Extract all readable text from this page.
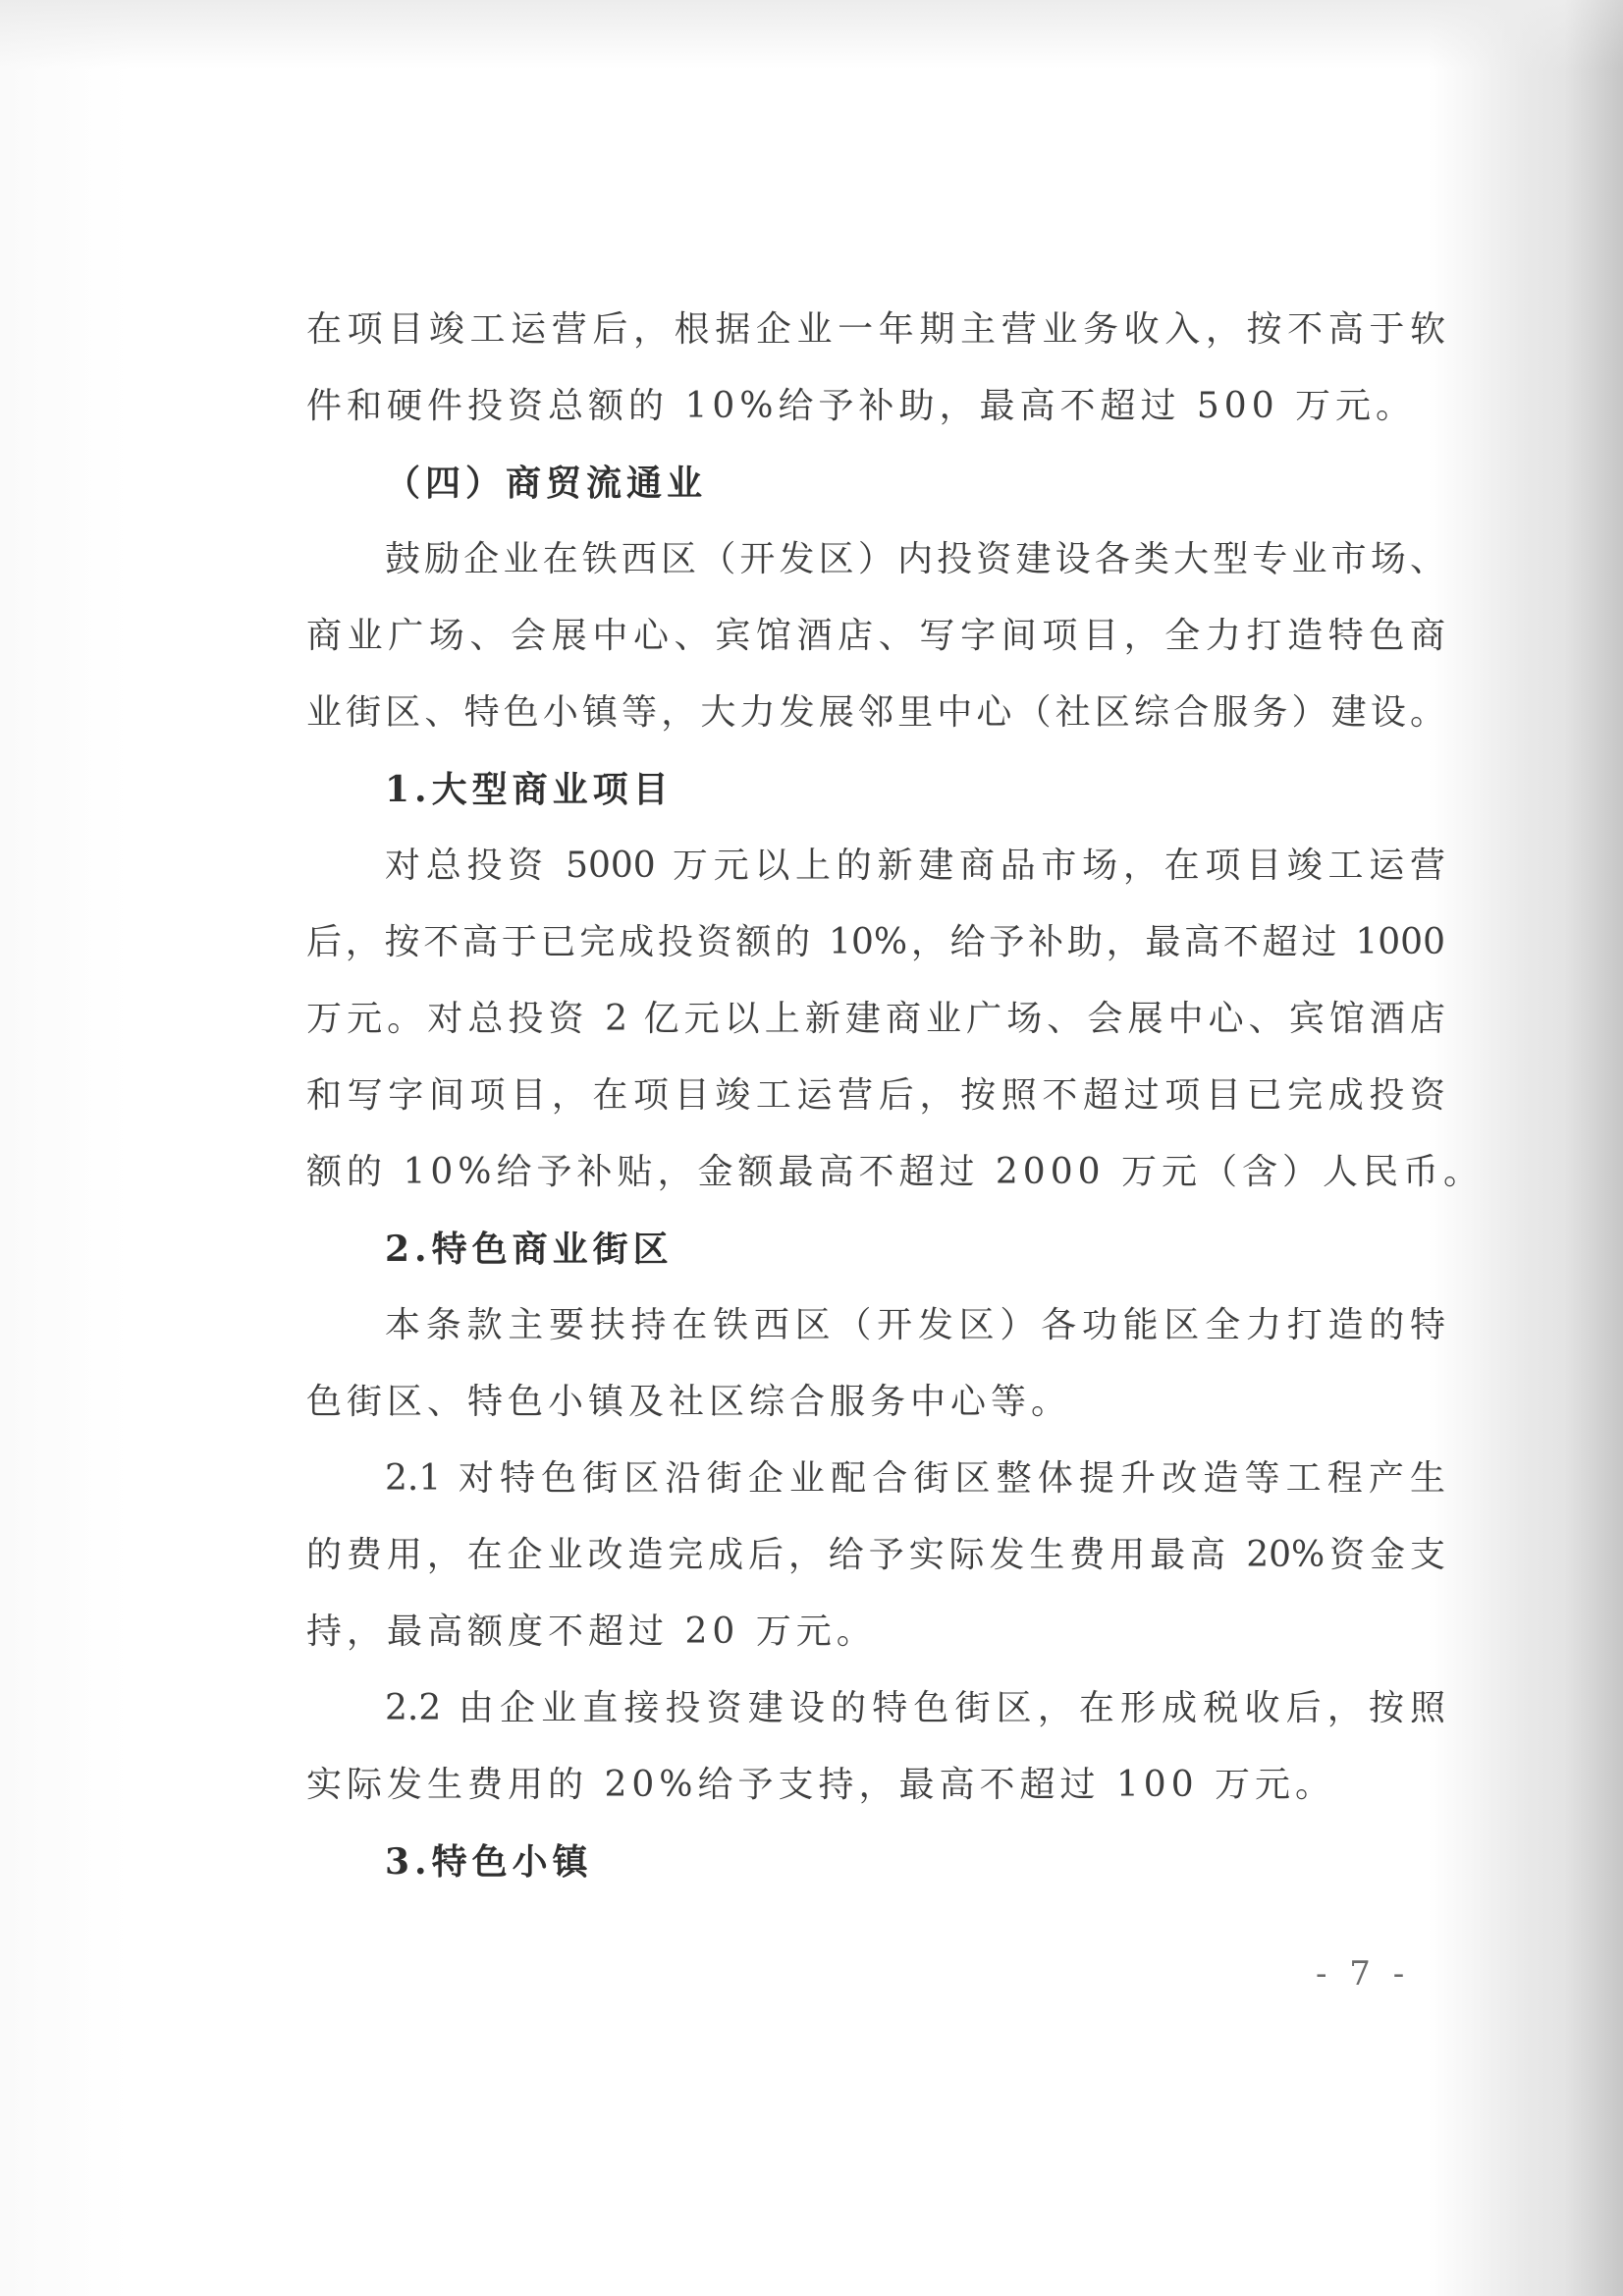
在项目竣工运营后，根据企业一年期主营业务收入，按不高于软
件和硬件投资总额的 10%给予补助，最高不超过 500 万元。
（四）商贸流通业
鼓励企业在铁西区（开发区）内投资建设各类大型专业市场、
商业广场、会展中心、宾馆酒店、写字间项目，全力打造特色商
业街区、特色小镇等，大力发展邻里中心（社区综合服务）建设。
1.大型商业项目
对总投资 5000 万元以上的新建商品市场，在项目竣工运营
后，按不高于已完成投资额的 10%，给予补助，最高不超过 1000
万元。对总投资 2 亿元以上新建商业广场、会展中心、宾馆酒店
和写字间项目，在项目竣工运营后，按照不超过项目已完成投资
额的 10%给予补贴，金额最高不超过 2000 万元（含）人民币。
2.特色商业街区
本条款主要扶持在铁西区（开发区）各功能区全力打造的特
色街区、特色小镇及社区综合服务中心等。
2.1 对特色街区沿街企业配合街区整体提升改造等工程产生
的费用，在企业改造完成后，给予实际发生费用最高 20%资金支
持，最高额度不超过 20 万元。
2.2 由企业直接投资建设的特色街区，在形成税收后，按照
实际发生费用的 20%给予支持，最高不超过 100 万元。
3.特色小镇
- 7 -
